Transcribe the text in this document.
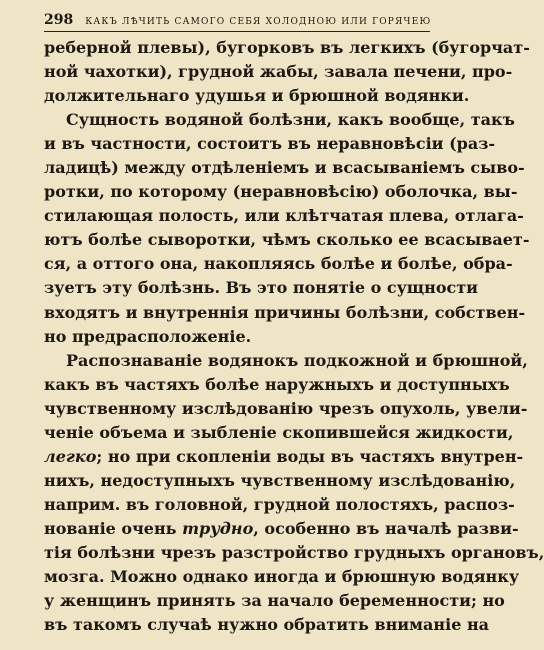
298 КАКЪ ЛѢЧИТЬ САМОГО СЕБЯ ХОЛОДНОЮ ИЛИ ГОРЯЧЕЮ
реберной плевы), бугорковъ въ легкихъ (бугорчат-
ной чахотки), грудной жабы, завала печени, про-
должительнаго удушья и брюшной водянки.
Сущность водяной болѣзни, какъ вообще, такъ
и въ частности, состоитъ въ неравновѣсіи (раз-
ладицѣ) между отдѣленіемъ и всасываніемъ сыво-
ротки, по которому (неравновѣсію) оболочка, вы-
стилающая полость, или клѣтчатая плева, отлага-
ютъ болѣе сыворотки, чѣмъ сколько ее всасывает-
ся, а оттого она, накопляясь болѣе и болѣе, обра-
зуетъ эту болѣзнь. Въ это понятіе о сущности
входятъ и внутреннія причины болѣзни, собствен-
но предрасположеніе.
Распознаваніе водянокъ подкожной и брюшной,
какъ въ частяхъ болѣе наружныхъ и доступныхъ
чувственному изслѣдованію чрезъ опухоль, увели-
ченіе объема и зыбленіе скопившейся жидкости,
легко; но при скопленіи воды въ частяхъ внутрен-
нихъ, недоступныхъ чувственному изслѣдованію,
наприм. въ головной, грудной полостяхъ, распоз-
нованіе очень трудно, особенно въ началѣ разви-
тія болѣзни чрезъ разстройство грудныхъ органовъ,
мозга. Можно однако иногда и брюшную водянку
у женщинъ принять за начало беременности; но
въ такомъ случаѣ нужно обратить вниманіе на
